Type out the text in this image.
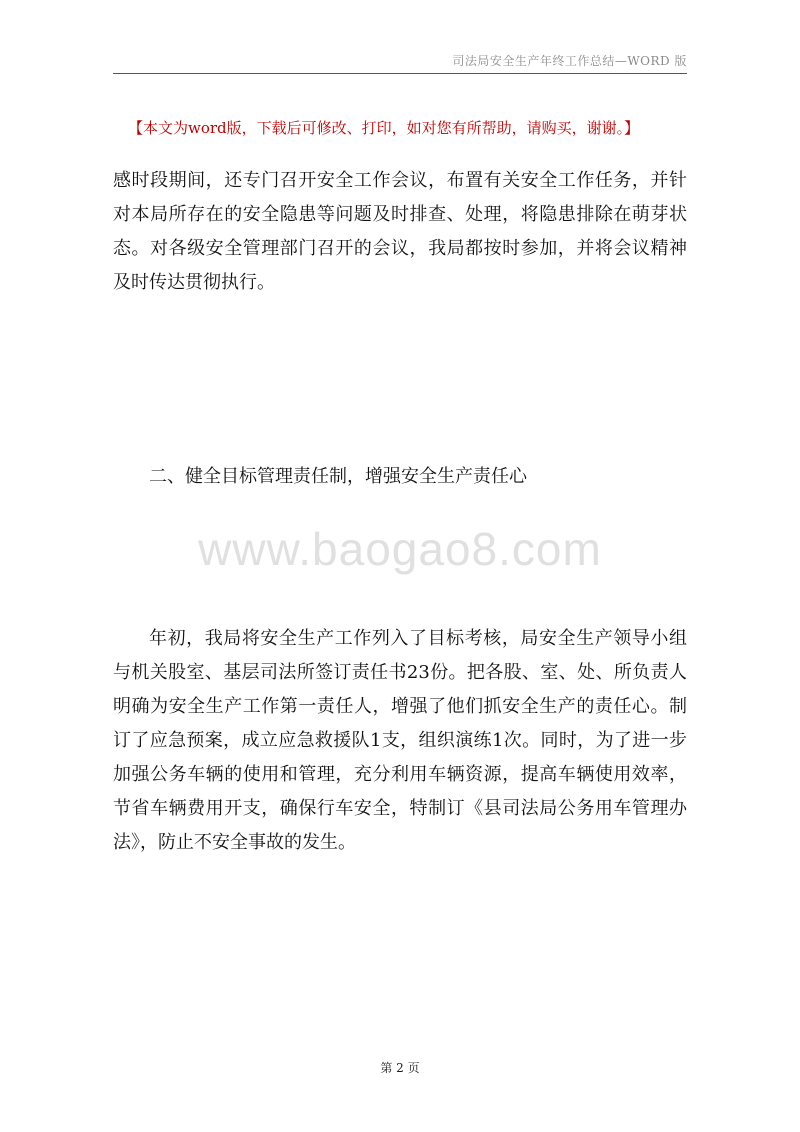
司法局安全生产年终工作总结—WORD 版
【本文为word版，下载后可修改、打印，如对您有所帮助，请购买，谢谢。】

感时段期间，还专门召开安全工作会议，布置有关安全工作任务，并针对本局所存在的安全隐患等问题及时排查、处理，将隐患排除在萌芽状态。对各级安全管理部门召开的会议，我局都按时参加，并将会议精神及时传达贯彻执行。

二、健全目标管理责任制，增强安全生产责任心
www.baogao8.com

年初，我局将安全生产工作列入了目标考核，局安全生产领导小组与机关股室、基层司法所签订责任书23份。把各股、室、处、所负责人明确为安全生产工作第一责任人，增强了他们抓安全生产的责任心。制订了应急预案，成立应急救援队1支，组织演练1次。同时，为了进一步加强公务车辆的使用和管理，充分利用车辆资源，提高车辆使用效率，节省车辆费用开支，确保行车安全，特制订《县司法局公务用车管理办法》，防止不安全事故的发生。

第 2 页
